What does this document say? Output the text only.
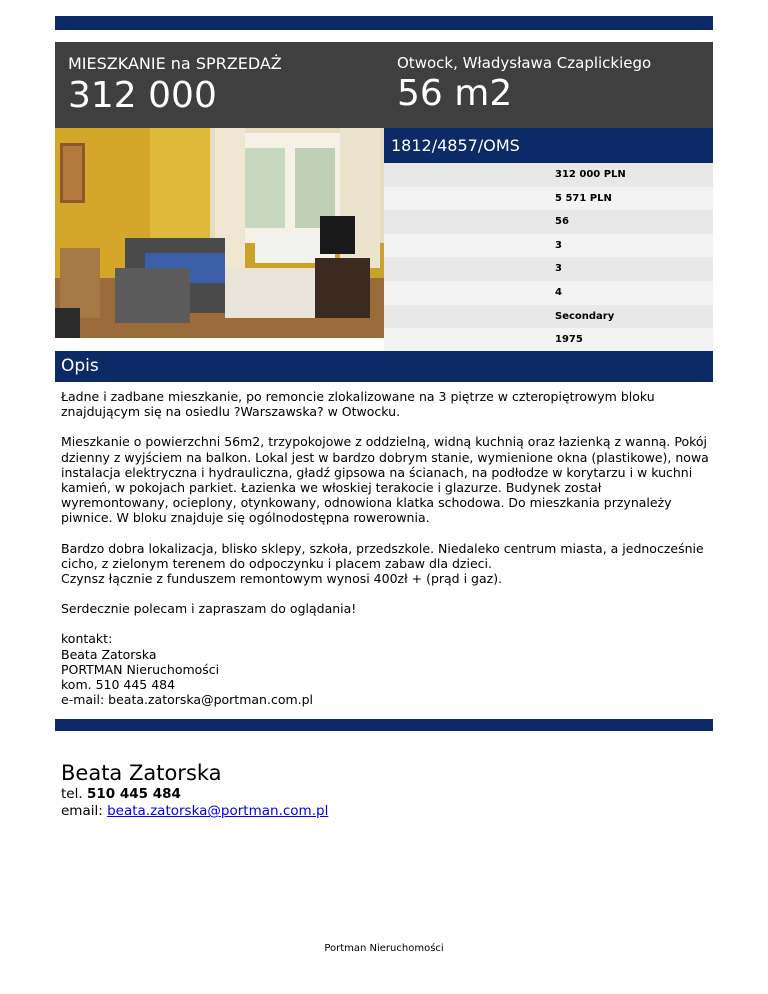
MIESZKANIE na SPRZEDAŻ
312 000
Otwock, Władysława Czaplickiego
56 m2
1812/4857/OMS
312 000 PLN
5 571 PLN
56
3
3
4
Secondary
1975
Opis

Ładne i zadbane mieszkanie, po remoncie zlokalizowane na 3 piętrze w czteropiętrowym bloku znajdującym się na osiedlu ?Warszawska? w Otwocku.

Mieszkanie o powierzchni 56m2, trzypokojowe z oddzielną, widną kuchnią oraz łazienką z wanną. Pokój dzienny z wyjściem na balkon. Lokal jest w bardzo dobrym stanie, wymienione okna (plastikowe), nowa instalacja elektryczna i hydrauliczna, gładź gipsowa na ścianach, na podłodze w korytarzu i w kuchni kamień, w pokojach parkiet. Łazienka we włoskiej terakocie i glazurze. Budynek został wyremontowany, ocieplony, otynkowany, odnowiona klatka schodowa. Do mieszkania przynależy piwnice. W bloku znajduje się ogólnodostępna rowerownia.

Bardzo dobra lokalizacja, blisko sklepy, szkoła, przedszkole. Niedaleko centrum miasta, a jednocześnie cicho, z zielonym terenem do odpoczynku i placem zabaw dla dzieci.
Czynsz łącznie z funduszem remontowym wynosi 400zł + (prąd i gaz).

Serdecznie polecam i zapraszam do oglądania!

kontakt:
Beata Zatorska
PORTMAN Nieruchomości
kom. 510 445 484
e-mail: beata.zatorska@portman.com.pl

Beata Zatorska
tel. 510 445 484
email: beata.zatorska@portman.com.pl
Portman Nieruchomości
